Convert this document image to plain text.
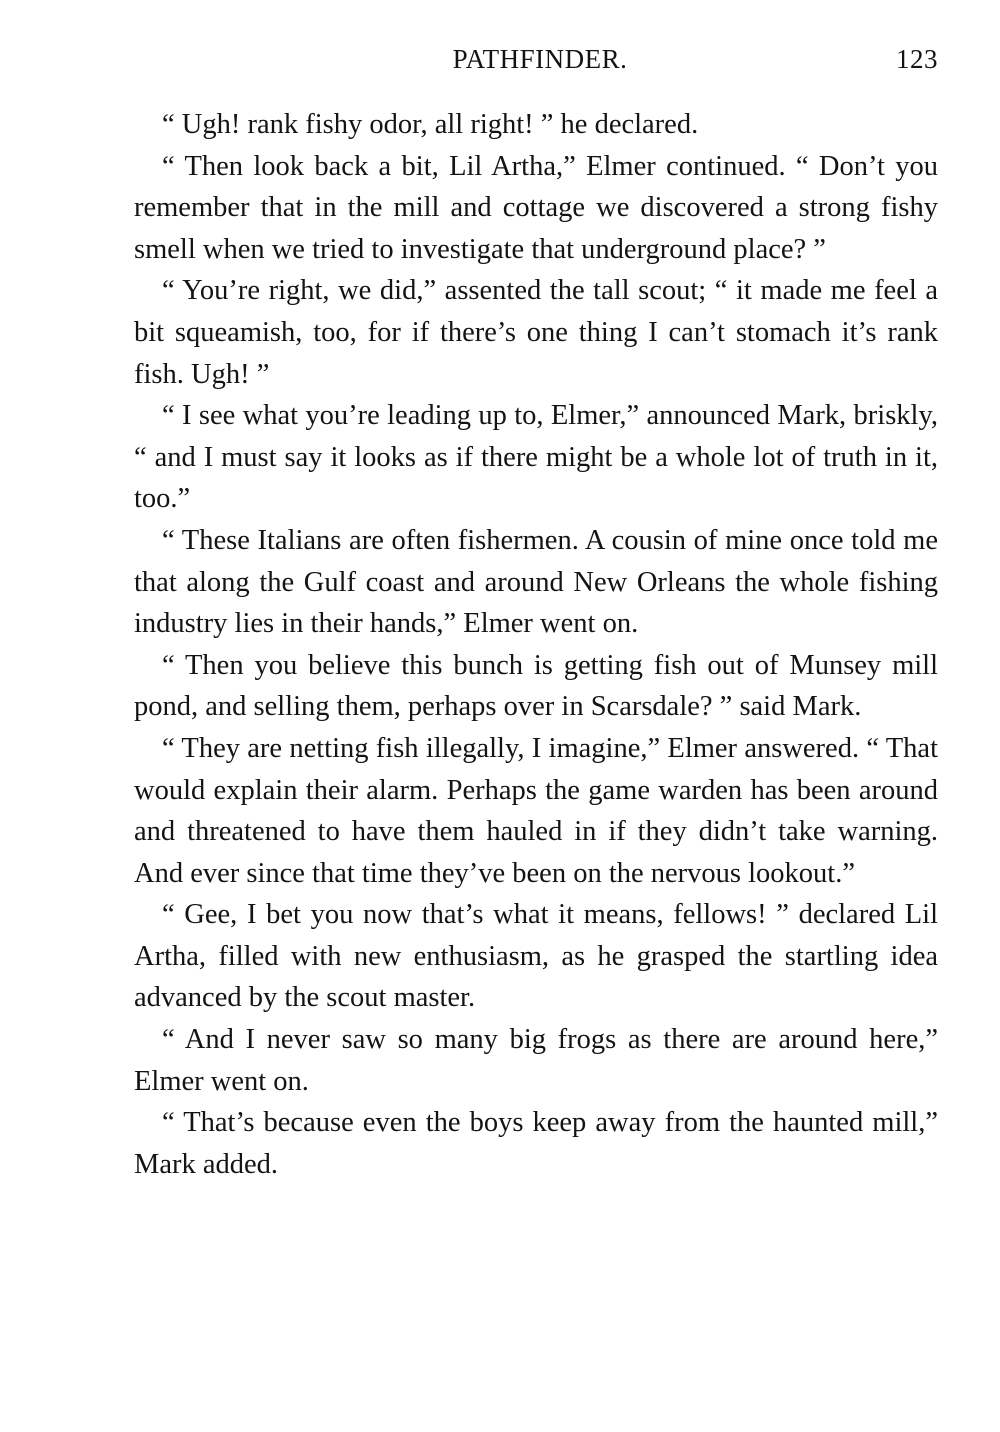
PATHFINDER.	123

“ Ugh! rank fishy odor, all right! ” he declared.

“ Then look back a bit, Lil Artha,” Elmer continued. “ Don’t you remember that in the mill and cottage we discovered a strong fishy smell when we tried to investigate that underground place? ”

“ You’re right, we did,” assented the tall scout; “ it made me feel a bit squeamish, too, for if there’s one thing I can’t stomach it’s rank fish. Ugh! ”

“ I see what you’re leading up to, Elmer,” announced Mark, briskly, “ and I must say it looks as if there might be a whole lot of truth in it, too.”

“ These Italians are often fishermen. A cousin of mine once told me that along the Gulf coast and around New Orleans the whole fishing industry lies in their hands,” Elmer went on.

“ Then you believe this bunch is getting fish out of Munsey mill pond, and selling them, perhaps over in Scarsdale? ” said Mark.

“ They are netting fish illegally, I imagine,” Elmer answered. “ That would explain their alarm. Perhaps the game warden has been around and threatened to have them hauled in if they didn’t take warning. And ever since that time they’ve been on the nervous lookout.”

“ Gee, I bet you now that’s what it means, fellows! ” declared Lil Artha, filled with new enthusiasm, as he grasped the startling idea advanced by the scout master.

“ And I never saw so many big frogs as there are around here,” Elmer went on.

“ That’s because even the boys keep away from the haunted mill,” Mark added.
